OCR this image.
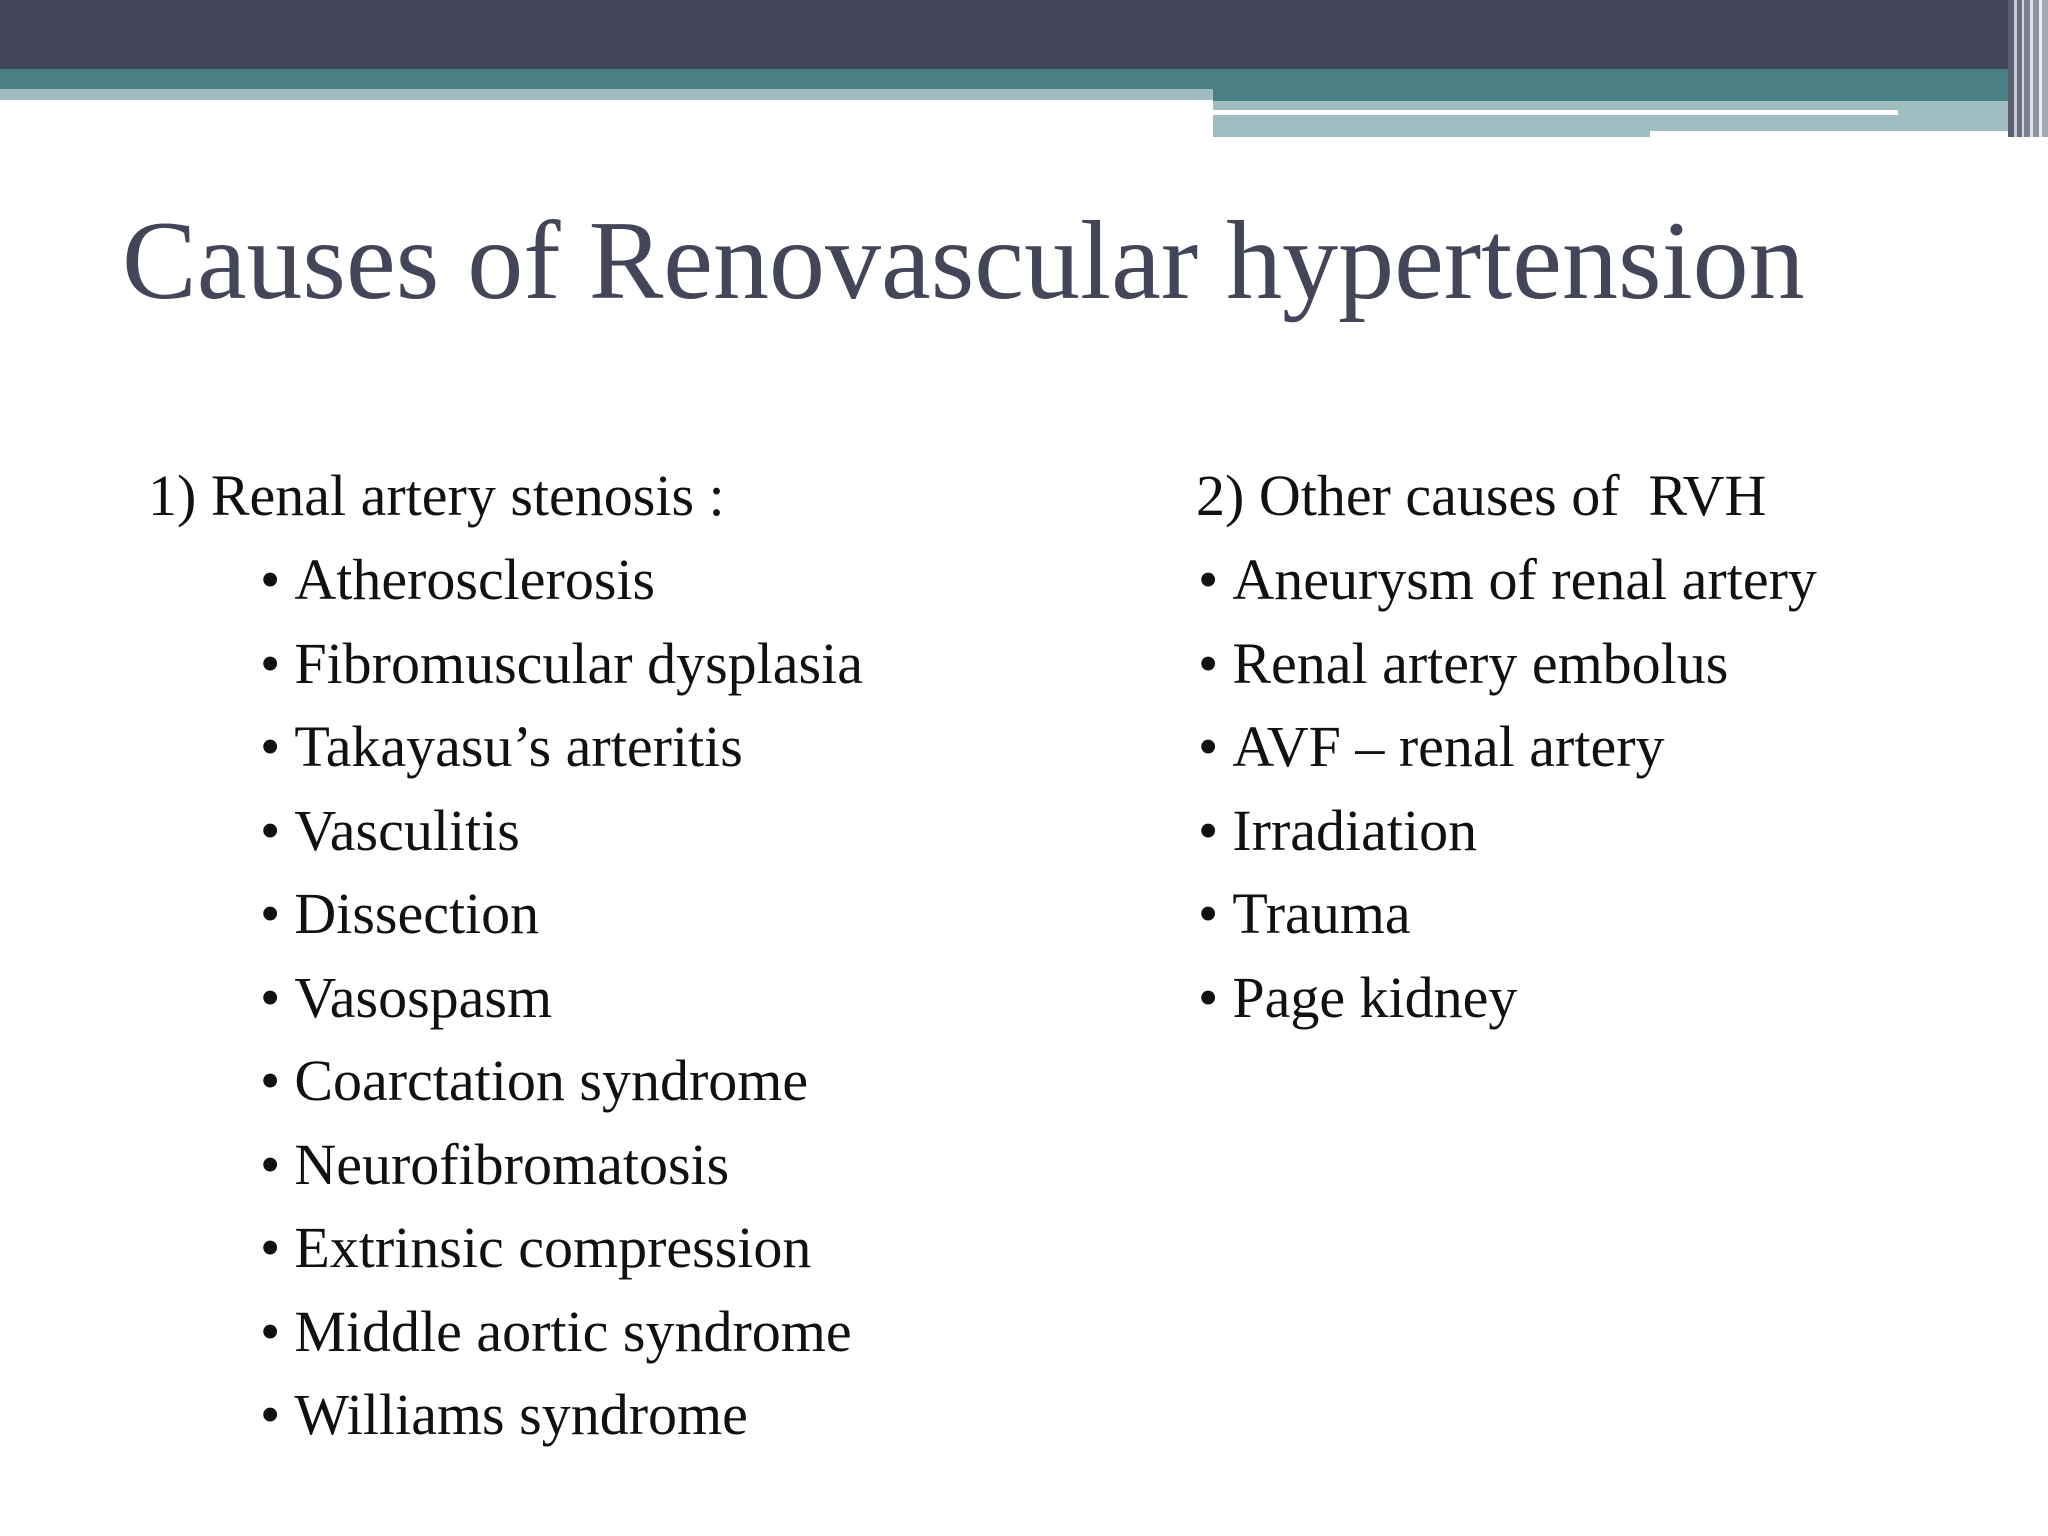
Causes of Renovascular hypertension
1) Renal artery stenosis :
• Atherosclerosis
• Fibromuscular dysplasia
• Takayasu’s arteritis
• Vasculitis
• Dissection
• Vasospasm
• Coarctation syndrome
• Neurofibromatosis
• Extrinsic compression
• Middle aortic syndrome
• Williams syndrome
2) Other causes of  RVH
• Aneurysm of renal artery
• Renal artery embolus
• AVF – renal artery
• Irradiation
• Trauma
• Page kidney
